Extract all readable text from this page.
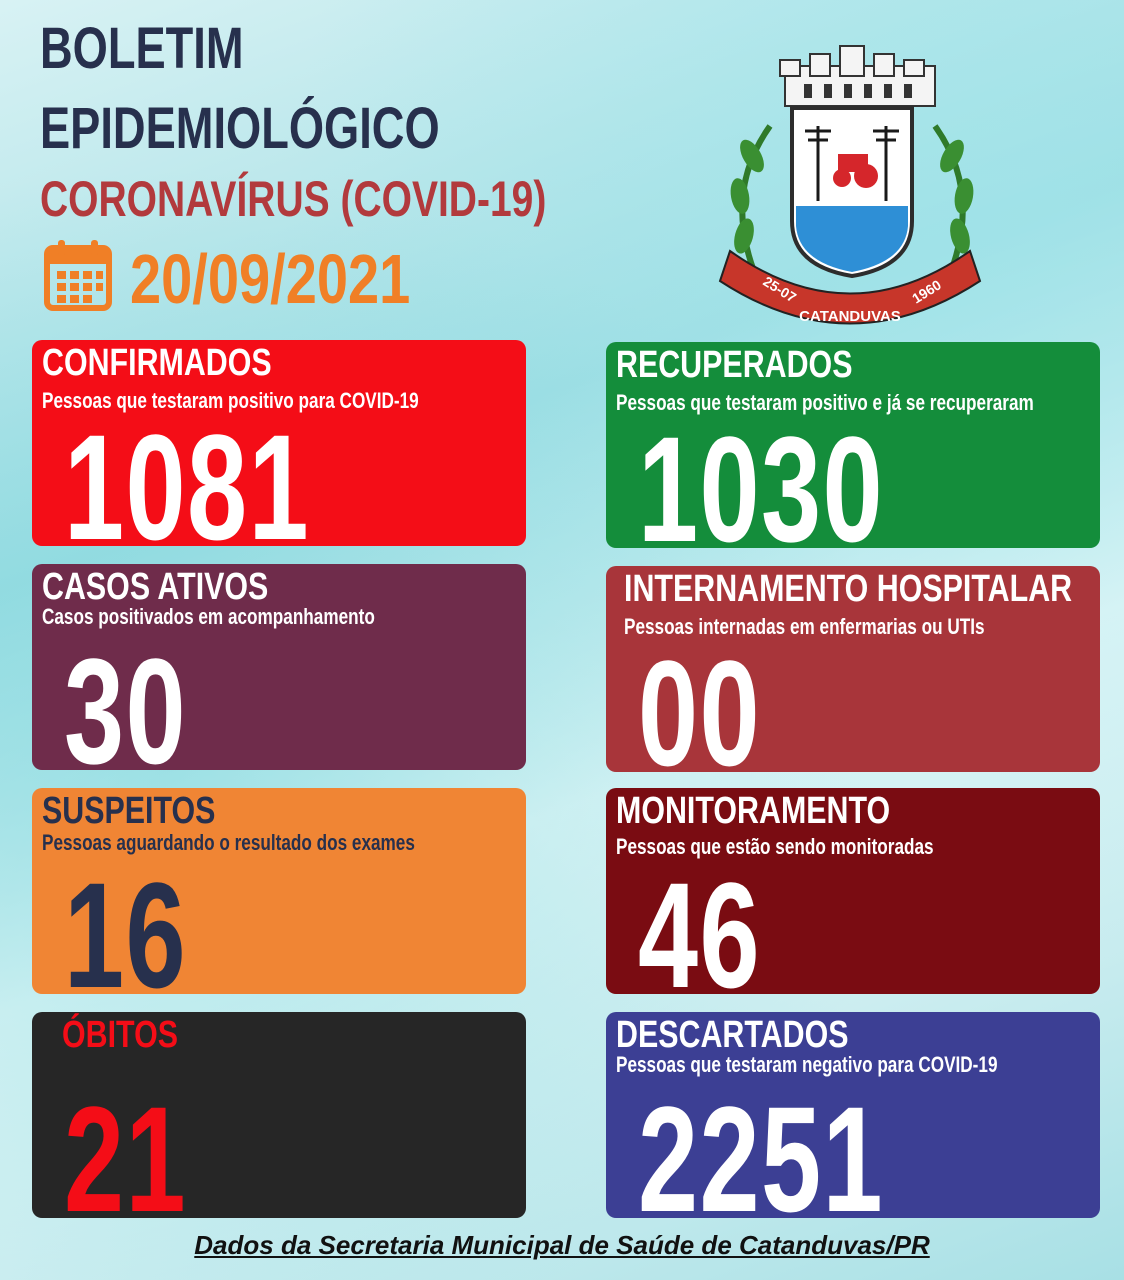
BOLETIM
EPIDEMIOLÓGICO
CORONAVÍRUS (COVID-19)
20/09/2021	25-07
CATANDUVAS
1960
CONFIRMADOS
Pessoas que testaram positivo para COVID-19
1081
RECUPERADOS
Pessoas que testaram positivo e já se recuperaram
1030
CASOS ATIVOS
Casos positivados em acompanhamento
30
INTERNAMENTO HOSPITALAR
Pessoas internadas em enfermarias ou UTIs
00
SUSPEITOS
Pessoas aguardando o resultado dos exames
16
MONITORAMENTO
Pessoas que estão sendo monitoradas
46
ÓBITOS
21
DESCARTADOS
Pessoas que testaram negativo para COVID-19
2251
Dados da Secretaria Municipal de Saúde de Catanduvas/PR
